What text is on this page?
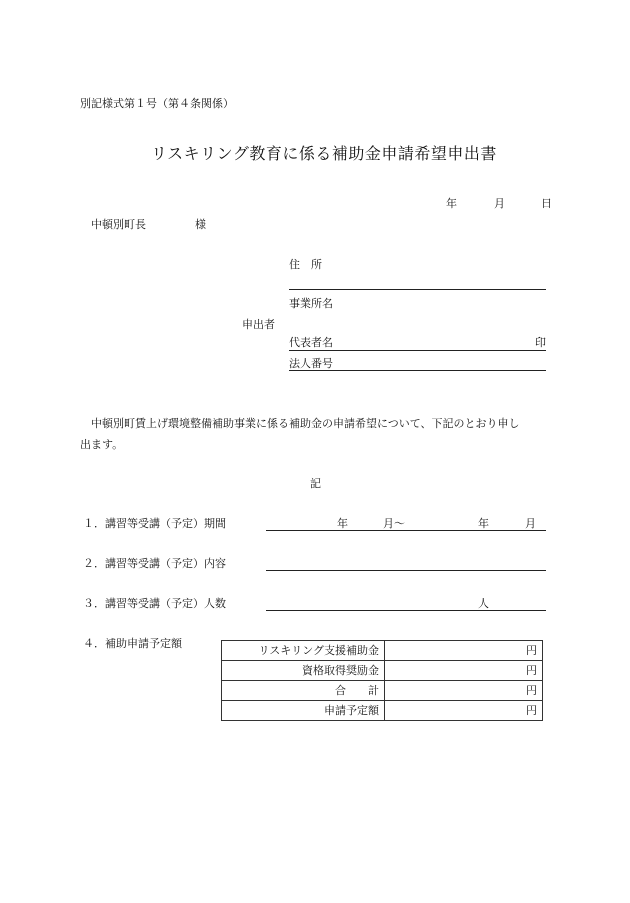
別記様式第１号（第４条関係）
リスキリング教育に係る補助金申請希望申出書
年	月	日
中頓別町長	様
住　所
事業所名
申出者
代表者名	印
法人番号
中頓別町賃上げ環境整備補助事業に係る補助金の申請希望について、下記のとおり申し
出ます。
記
１．講習等受講（予定）期間	年	月～	年	月
２．講習等受講（予定）内容
３．講習等受講（予定）人数	人
４．補助申請予定額
リスキリング支援補助金	円
資格取得奨励金	円
合　　計	円
申請予定額	円
